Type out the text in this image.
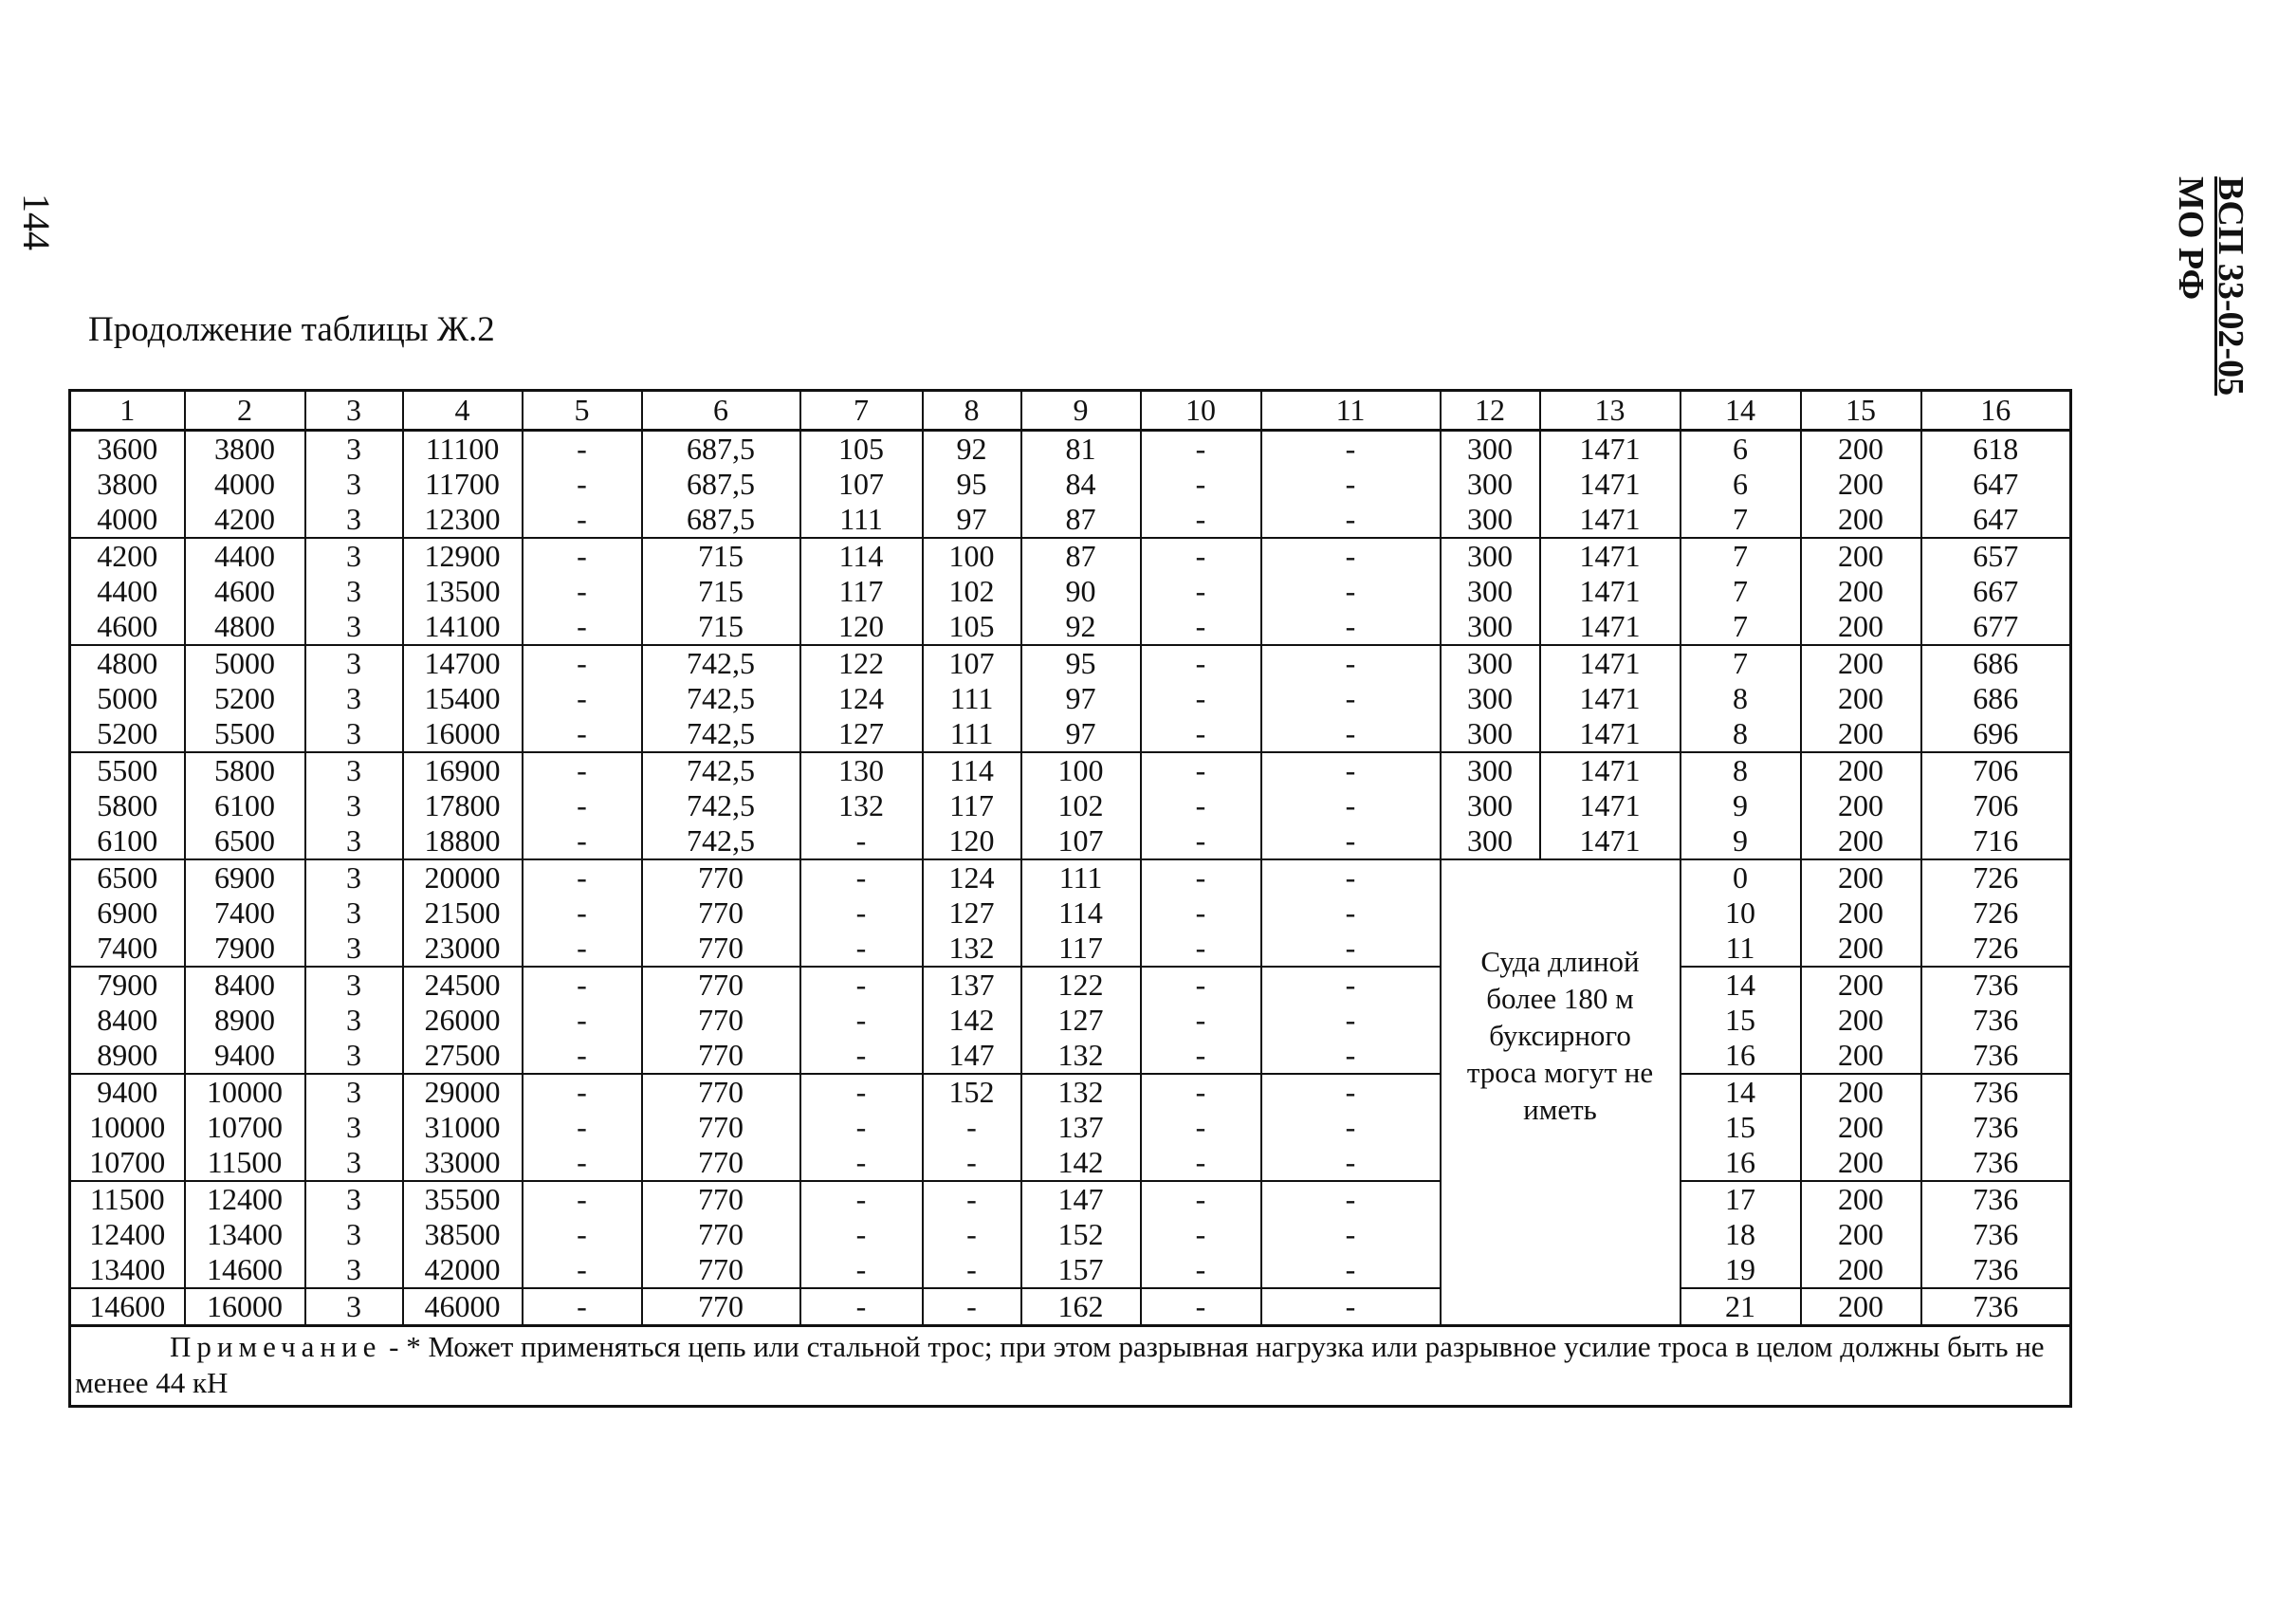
144	ВСП 33-02-05
МО РФ
Продолжение таблицы Ж.2
1	2	3	4	5	6	7	8	9	10	11	12	13	14	15	16
3600	3800	3	11100	-	687,5	105	92	81	-	-	300	1471	6	200	618
3800	4000	3	11700	-	687,5	107	95	84	-	-	300	1471	6	200	647
4000	4200	3	12300	-	687,5	111	97	87	-	-	300	1471	7	200	647
4200	4400	3	12900	-	715	114	100	87	-	-	300	1471	7	200	657
4400	4600	3	13500	-	715	117	102	90	-	-	300	1471	7	200	667
4600	4800	3	14100	-	715	120	105	92	-	-	300	1471	7	200	677
4800	5000	3	14700	-	742,5	122	107	95	-	-	300	1471	7	200	686
5000	5200	3	15400	-	742,5	124	111	97	-	-	300	1471	8	200	686
5200	5500	3	16000	-	742,5	127	111	97	-	-	300	1471	8	200	696
5500	5800	3	16900	-	742,5	130	114	100	-	-	300	1471	8	200	706
5800	6100	3	17800	-	742,5	132	117	102	-	-	300	1471	9	200	706
6100	6500	3	18800	-	742,5	-	120	107	-	-	300	1471	9	200	716
6500	6900	3	20000	-	770	-	124	111	-	-	Суда длиной более 180 м буксирного троса могут не иметь		0	200	726
6900	7400	3	21500	-	770	-	127	114	-	-			10	200	726
7400	7900	3	23000	-	770	-	132	117	-	-			11	200	726
7900	8400	3	24500	-	770	-	137	122	-	-			14	200	736
8400	8900	3	26000	-	770	-	142	127	-	-			15	200	736
8900	9400	3	27500	-	770	-	147	132	-	-			16	200	736
9400	10000	3	29000	-	770	-	152	132	-	-			14	200	736
10000	10700	3	31000	-	770	-	-	137	-	-			15	200	736
10700	11500	3	33000	-	770	-	-	142	-	-			16	200	736
11500	12400	3	35500	-	770	-	-	147	-	-			17	200	736
12400	13400	3	38500	-	770	-	-	152	-	-			18	200	736
13400	14600	3	42000	-	770	-	-	157	-	-			19	200	736
14600	16000	3	46000	-	770	-	-	162	-	-			21	200	736
Примечание - * Может применяться цепь или стальной трос; при этом разрывная нагрузка или разрывное усилие троса в целом должны быть не менее 44 кН															
